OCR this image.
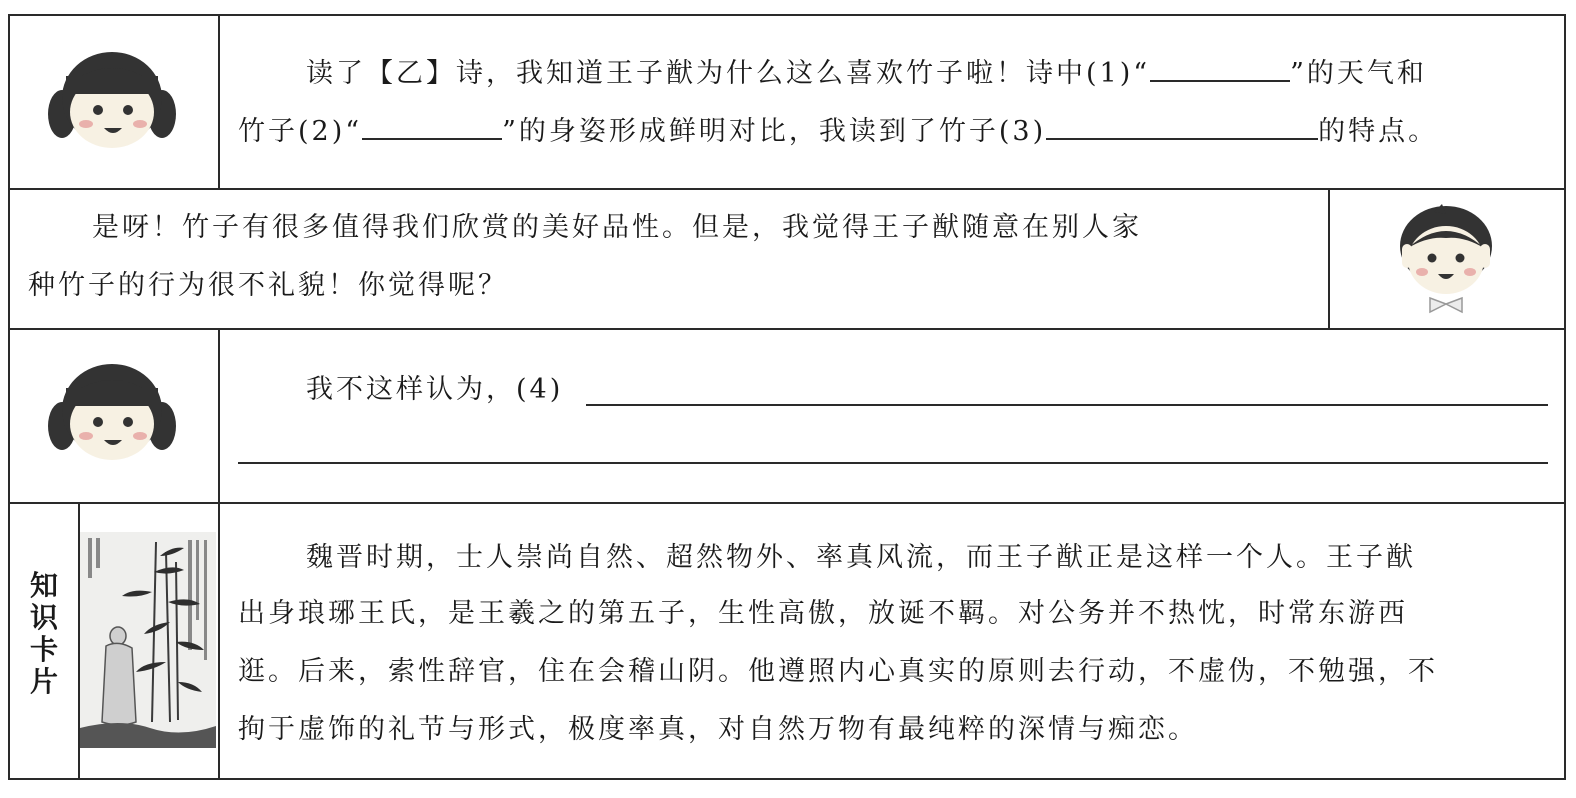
读了【乙】诗，我知道王子猷为什么这么喜欢竹子啦！诗中(1)“	”的天气和
竹子(2)“	”的身姿形成鲜明对比，我读到了竹子(3)	的特点。
是呀！竹子有很多值得我们欣赏的美好品性。但是，我觉得王子猷随意在别人家
种竹子的行为很不礼貌！你觉得呢？
我不这样认为，(4)
知
识
卡
片
魏晋时期，士人崇尚自然、超然物外、率真风流，而王子猷正是这样一个人。王子猷
出身琅琊王氏，是王羲之的第五子，生性高傲，放诞不羁。对公务并不热忱，时常东游西
逛。后来，索性辞官，住在会稽山阴。他遵照内心真实的原则去行动，不虚伪，不勉强，不
拘于虚饰的礼节与形式，极度率真，对自然万物有最纯粹的深情与痴恋。
